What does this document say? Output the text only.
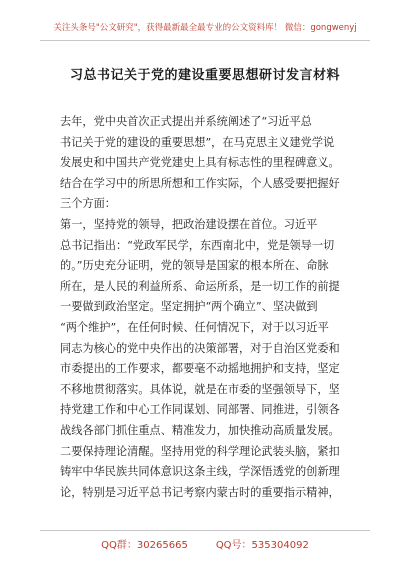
关注头条号"公文研究"，获得最新最全最专业的公文资料库！ 微信：gongwenyj
习总书记关于党的建设重要思想研讨发言材料

去年，党中央首次正式提出并系统阐述了“习近平总

书记关于党的建设的重要思想”，在马克思主义建党学说

发展史和中国共产党党建史上具有标志性的里程碑意义。

结合在学习中的所思所想和工作实际，个人感受要把握好

三个方面：

第一，坚持党的领导，把政治建设摆在首位。习近平

总书记指出：“党政军民学，东西南北中，党是领导一切

的。”历史充分证明，党的领导是国家的根本所在、命脉

所在，是人民的利益所系、命运所系，是一切工作的前提

一要做到政治坚定。坚定拥护“两个确立”、坚决做到

“两个维护”，在任何时候、任何情况下，对于以习近平

同志为核心的党中央作出的决策部署，对于自治区党委和

市委提出的工作要求，都要毫不动摇地拥护和支持，坚定

不移地贯彻落实。具体说，就是在市委的坚强领导下，坚

持党建工作和中心工作同谋划、同部署、同推进，引领各

战线各部门抓住重点、精准发力，加快推动高质量发展。

二要保持理论清醒。坚持用党的科学理论武装头脑，紧扣

铸牢中华民族共同体意识这条主线，学深悟透党的创新理

论，特别是习近平总书记考察内蒙古时的重要指示精神，

QQ群：30265665	QQ号：535304092
